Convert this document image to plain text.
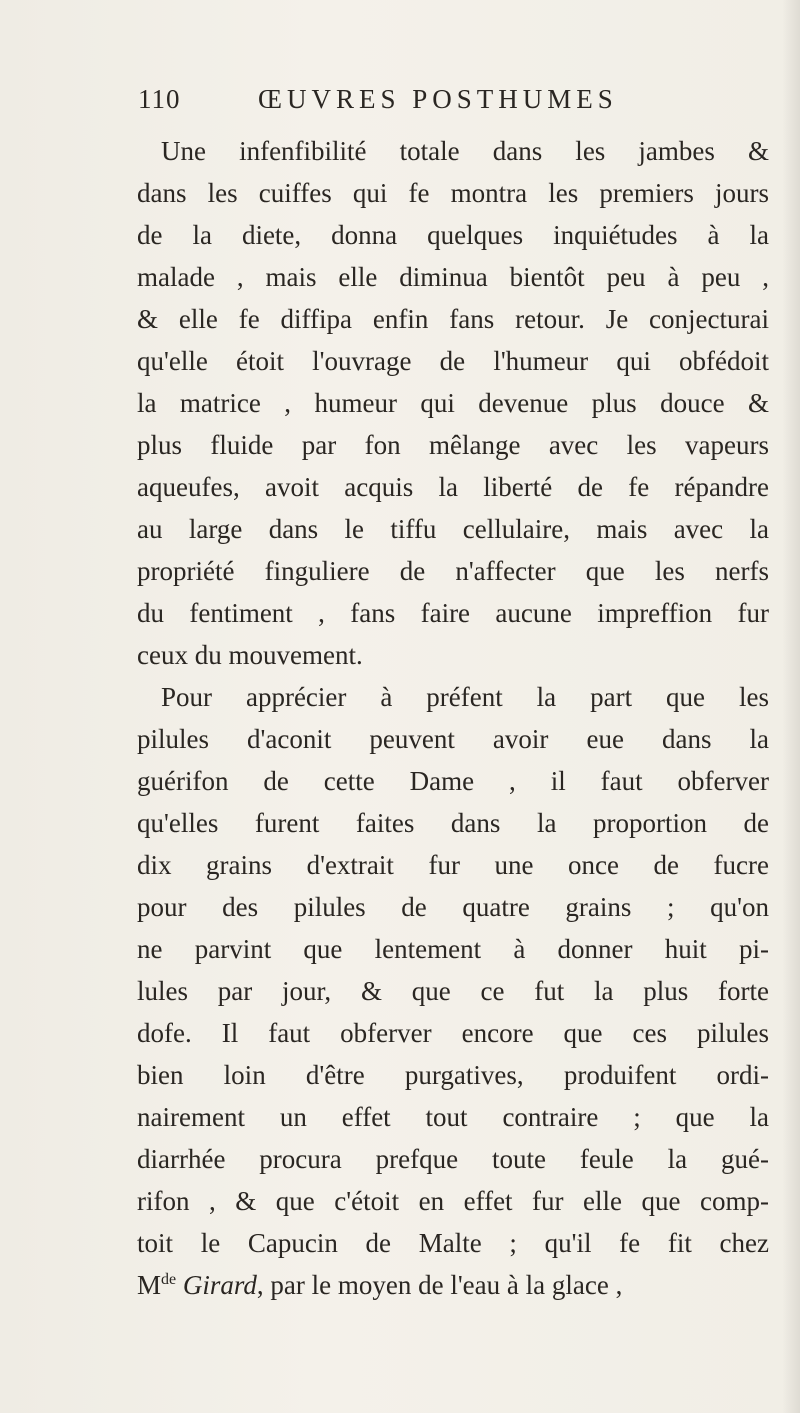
110	ŒUVRES POSTHUMES
Une infenfibilité totale dans les jambes &
dans les cuiffes qui fe montra les premiers jours
de la diete, donna quelques inquiétudes à la
malade , mais elle diminua bientôt peu à peu ,
& elle fe diffipa enfin fans retour. Je conjecturai
qu'elle étoit l'ouvrage de l'humeur qui obfédoit
la matrice , humeur qui devenue plus douce &
plus fluide par fon mêlange avec les vapeurs
aqueufes, avoit acquis la liberté de fe répandre
au large dans le tiffu cellulaire, mais avec la
propriété finguliere de n'affecter que les nerfs
du fentiment , fans faire aucune impreffion fur
ceux du mouvement.
Pour apprécier à préfent la part que les
pilules d'aconit peuvent avoir eue dans la
guérifon de cette Dame , il faut obferver
qu'elles furent faites dans la proportion de
dix grains d'extrait fur une once de fucre
pour des pilules de quatre grains ; qu'on
ne parvint que lentement à donner huit pi-
lules par jour, & que ce fut la plus forte
dofe. Il faut obferver encore que ces pilules
bien loin d'être purgatives, produifent ordi-
nairement un effet tout contraire ; que la
diarrhée procura prefque toute feule la gué-
rifon , & que c'étoit en effet fur elle que comp-
toit le Capucin de Malte ; qu'il fe fit chez
Mde Girard, par le moyen de l'eau à la glace ,
